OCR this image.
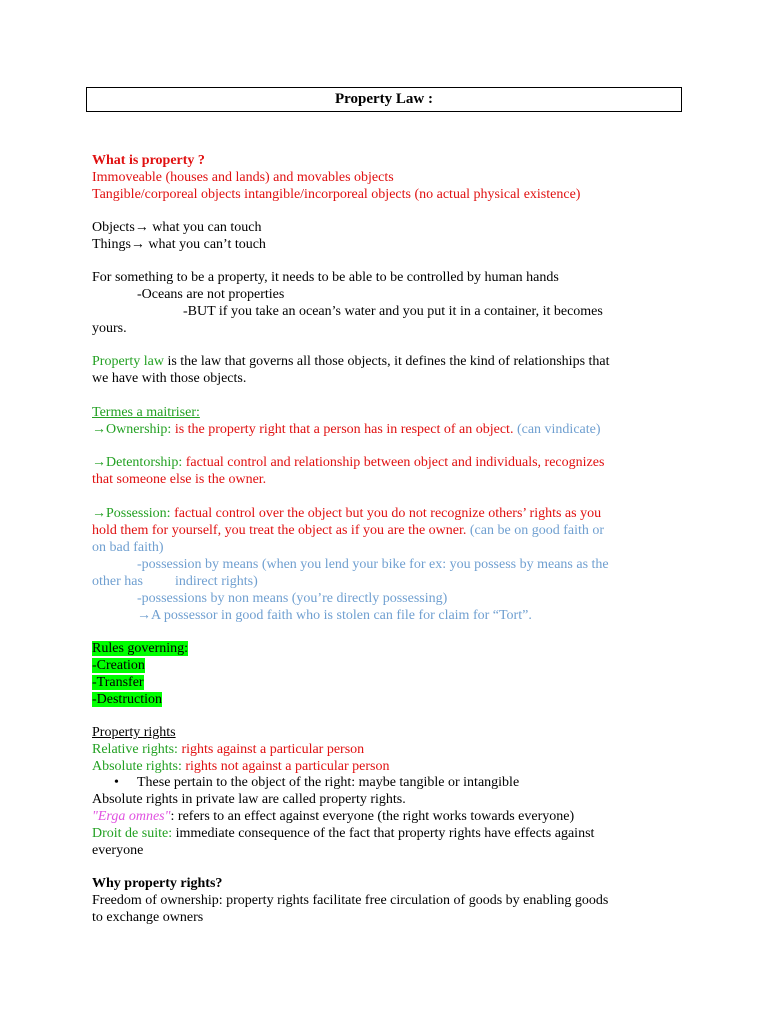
Property Law :
What is property ?
Immoveable (houses and lands) and movables objects
Tangible/corporeal objects intangible/incorporeal objects (no actual physical existence)
Objects→ what you can touch
Things→ what you can’t touch
For something to be a property, it needs to be able to be controlled by human hands
-Oceans are not properties
-BUT if you take an ocean’s water and you put it in a container, it becomes
yours.
Property law is the law that governs all those objects, it defines the kind of relationships that
we have with those objects.
Termes a maitriser:
→Ownership: is the property right that a person has in respect of an object. (can vindicate)
→Detentorship: factual control and relationship between object and individuals, recognizes
that someone else is the owner.
→Possession: factual control over the object but you do not recognize others’ rights as you
hold them for yourself, you treat the object as if you are the owner. (can be on good faith or
on bad faith)
-possession by means (when you lend your bike for ex: you possess by means as the
other has indirect rights)
-possessions by non means (you’re directly possessing)
→A possessor in good faith who is stolen can file for claim for “Tort”.
Rules governing:
-Creation
-Transfer
-Destruction
Property rights
Relative rights: rights against a particular person
Absolute rights: rights not against a particular person
• These pertain to the object of the right: maybe tangible or intangible
Absolute rights in private law are called property rights.
"Erga omnes": refers to an effect against everyone (the right works towards everyone)
Droit de suite: immediate consequence of the fact that property rights have effects against
everyone
Why property rights?
Freedom of ownership: property rights facilitate free circulation of goods by enabling goods
to exchange owners
